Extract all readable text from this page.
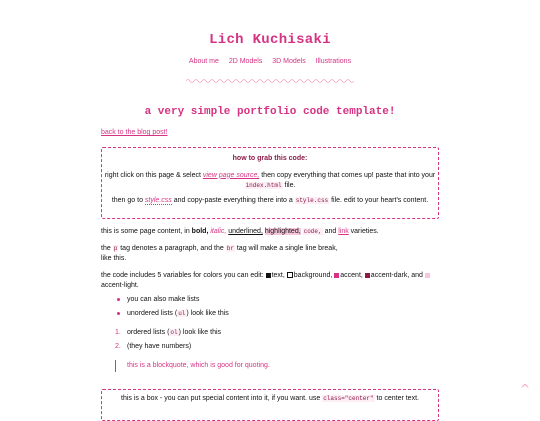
Lich Kuchisaki
About me 2D Models 3D Models Illustrations
a very simple portfolio code template!
back to the blog post!
how to grab this code:

right click on this page & select view page source, then copy everything that comes up! paste that into your
index.html file.

then go to style.css and copy-paste everything there into a style.css file. edit to your heart's content.

this is some page content, in bold, italic, underlined, highlighted, code, and link varieties.

the p tag denotes a paragraph, and the br tag will make a single line break,
like this.

the code includes 5 variables for colors you can edit: text, background, accent, accent-dark, and
accent-light.

you can also make lists
unordered lists (ul) look like this
1. ordered lists (ol) look like this
2. (they have numbers)
this is a blockquote, which is good for quoting.

this is a box - you can put special content into it, if you want. use class="center" to center text.

^
